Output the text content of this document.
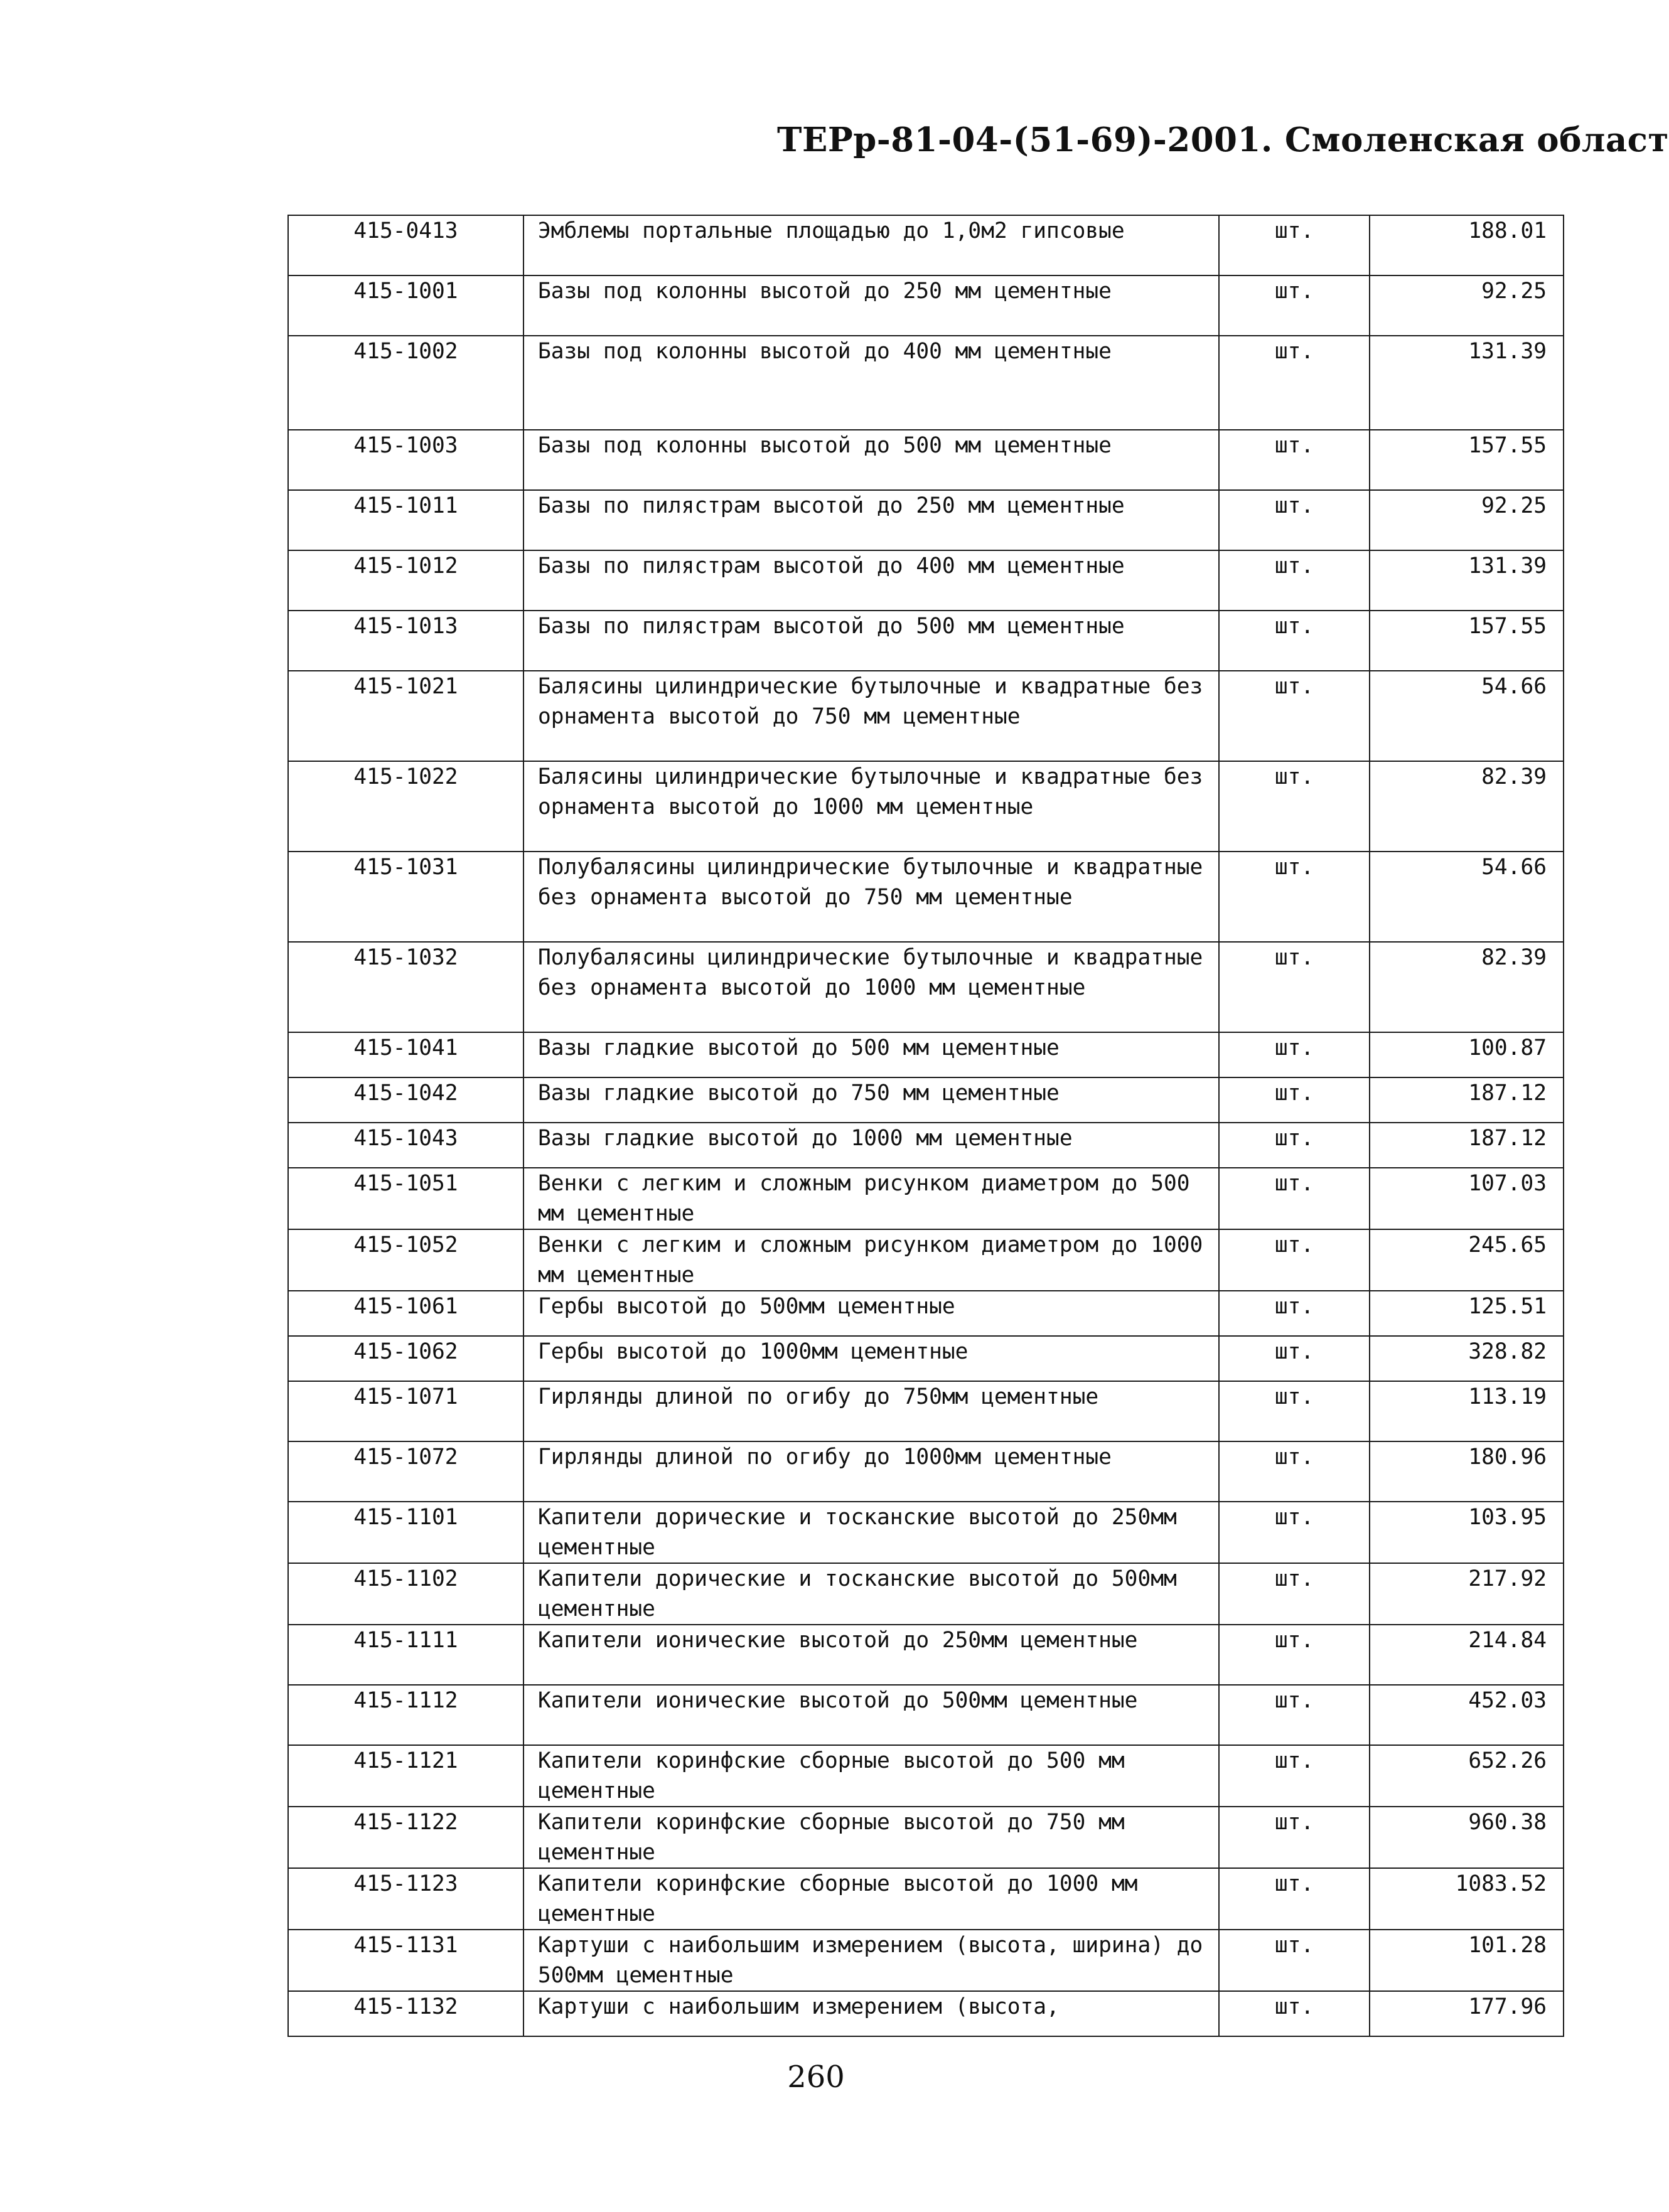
ТЕРр-81-04-(51-69)-2001. Смоленская област
415-0413	Эмблемы портальные площадью до 1,0м2 гипсовые	шт.	188.01
415-1001	Базы под колонны высотой до 250 мм цементные	шт.	92.25
415-1002	Базы под колонны высотой до 400 мм цементные	шт.	131.39
415-1003	Базы под колонны высотой до 500 мм цементные	шт.	157.55
415-1011	Базы по пилястрам высотой до 250 мм цементные	шт.	92.25
415-1012	Базы по пилястрам высотой до 400 мм цементные	шт.	131.39
415-1013	Базы по пилястрам высотой до 500 мм цементные	шт.	157.55
415-1021	Балясины цилиндрические бутылочные и квадратные без орнамента высотой до 750 мм цементные	шт.	54.66
415-1022	Балясины цилиндрические бутылочные и квадратные без орнамента высотой до 1000 мм цементные	шт.	82.39
415-1031	Полубалясины цилиндрические бутылочные и квадратные без орнамента высотой до 750 мм цементные	шт.	54.66
415-1032	Полубалясины цилиндрические бутылочные и квадратные без орнамента высотой до 1000 мм цементные	шт.	82.39
415-1041	Вазы гладкие высотой до 500 мм цементные	шт.	100.87
415-1042	Вазы гладкие высотой до 750 мм цементные	шт.	187.12
415-1043	Вазы гладкие высотой до 1000 мм цементные	шт.	187.12
415-1051	Венки с легким и сложным рисунком диаметром до 500 мм цементные	шт.	107.03
415-1052	Венки с легким и сложным рисунком диаметром до 1000 мм цементные	шт.	245.65
415-1061	Гербы высотой до 500мм цементные	шт.	125.51
415-1062	Гербы высотой до 1000мм цементные	шт.	328.82
415-1071	Гирлянды длиной по огибу до 750мм цементные	шт.	113.19
415-1072	Гирлянды длиной по огибу до 1000мм цементные	шт.	180.96
415-1101	Капители дорические и тосканские высотой до 250мм цементные	шт.	103.95
415-1102	Капители дорические и тосканские высотой до 500мм цементные	шт.	217.92
415-1111	Капители ионические высотой до 250мм цементные	шт.	214.84
415-1112	Капители ионические высотой до 500мм цементные	шт.	452.03
415-1121	Капители коринфские сборные высотой до 500 мм цементные	шт.	652.26
415-1122	Капители коринфские сборные высотой до 750 мм цементные	шт.	960.38
415-1123	Капители коринфские сборные высотой до 1000 мм цементные	шт.	1083.52
415-1131	Картуши с наибольшим измерением (высота, ширина) до 500мм цементные	шт.	101.28
415-1132	Картуши с наибольшим измерением (высота,	шт.	177.96
260
